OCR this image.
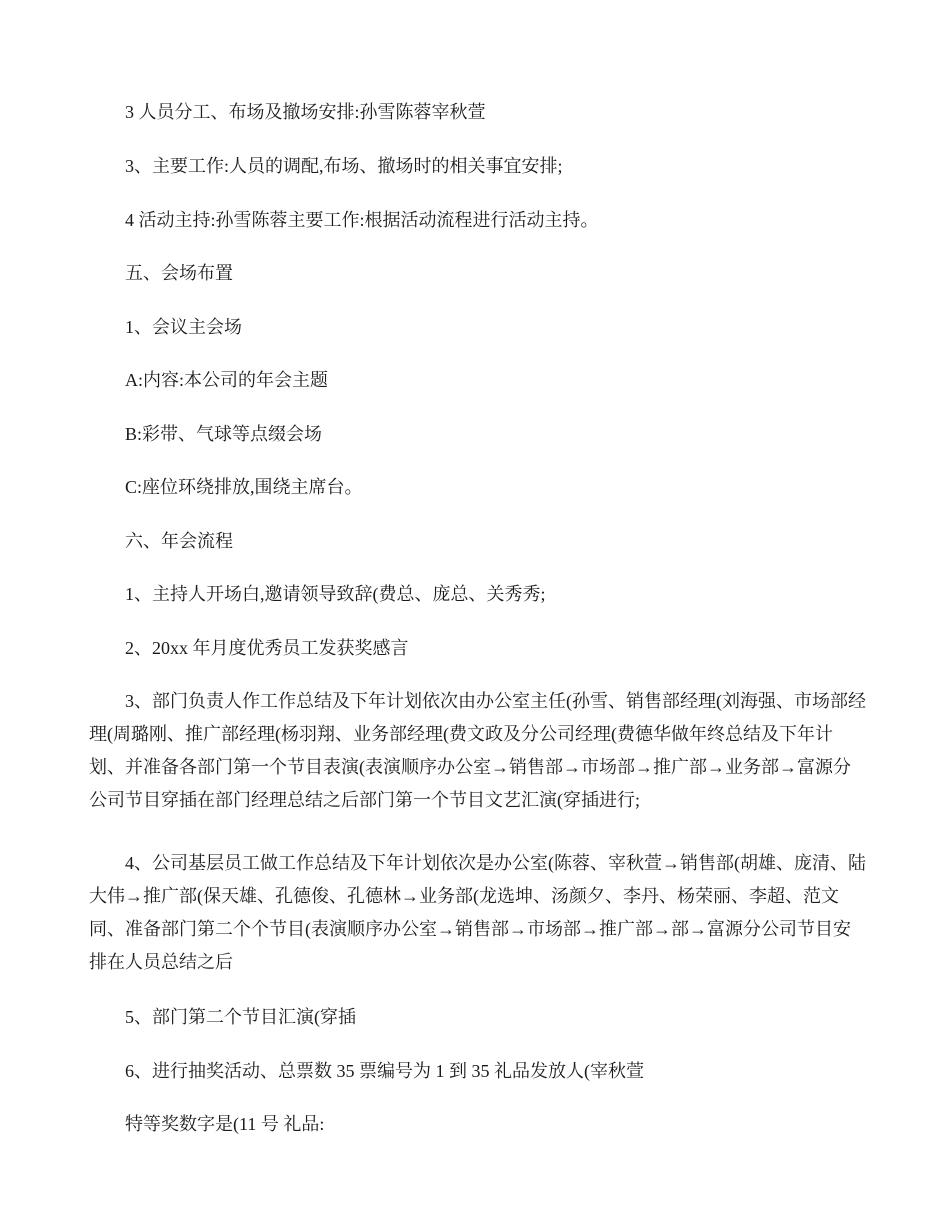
3 人员分工、布场及撤场安排:孙雪陈蓉宰秋萱

3、主要工作:人员的调配,布场、撤场时的相关事宜安排;

4 活动主持:孙雪陈蓉主要工作:根据活动流程进行活动主持。

五、会场布置

1、会议主会场

A:内容:本公司的年会主题

B:彩带、气球等点缀会场

C:座位环绕排放,围绕主席台。

六、年会流程

1、主持人开场白,邀请领导致辞(费总、庞总、关秀秀;

2、20xx 年月度优秀员工发获奖感言

3、部门负责人作工作总结及下年计划依次由办公室主任(孙雪、销售部经理(刘海强、市场部经理(周璐刚、推广部经理(杨羽翔、业务部经理(费文政及分公司经理(费德华做年终总结及下年计划、并准备各部门第一个节目表演(表演顺序办公室→销售部→市场部→推广部→业务部→富源分公司节目穿插在部门经理总结之后部门第一个节目文艺汇演(穿插进行;

4、公司基层员工做工作总结及下年计划依次是办公室(陈蓉、宰秋萱→销售部(胡雄、庞清、陆大伟→推广部(保天雄、孔德俊、孔德林→业务部(龙选坤、汤颜夕、李丹、杨荣丽、李超、范文同、准备部门第二个个节目(表演顺序办公室→销售部→市场部→推广部→部→富源分公司节目安排在人员总结之后

5、部门第二个节目汇演(穿插

6、进行抽奖活动、总票数 35 票编号为 1 到 35 礼品发放人(宰秋萱

特等奖数字是(11 号 礼品:
